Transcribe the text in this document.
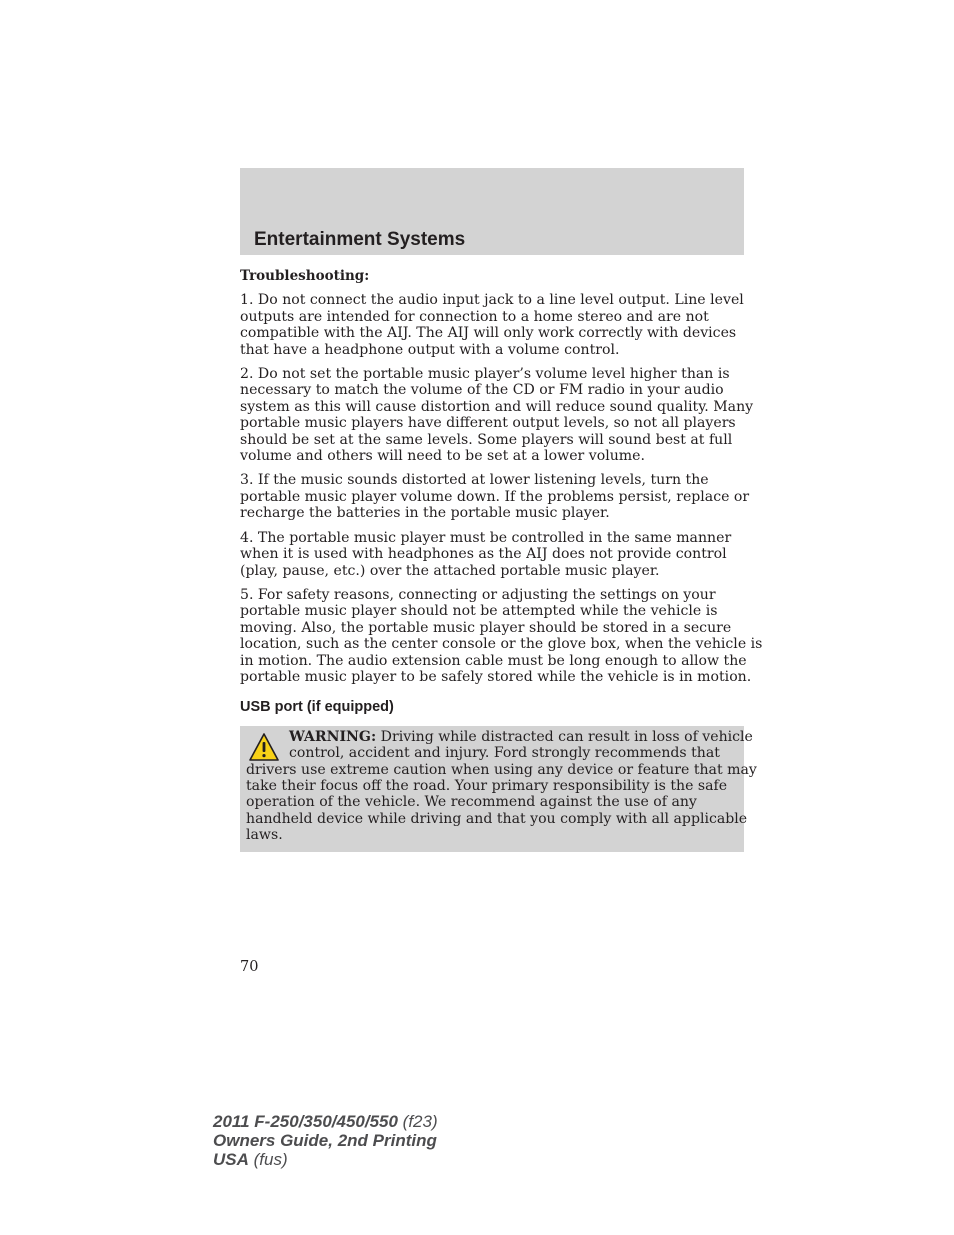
Entertainment Systems

Troubleshooting:

1. Do not connect the audio input jack to a line level output. Line level
outputs are intended for connection to a home stereo and are not
compatible with the AIJ. The AIJ will only work correctly with devices
that have a headphone output with a volume control.

2. Do not set the portable music player’s volume level higher than is
necessary to match the volume of the CD or FM radio in your audio
system as this will cause distortion and will reduce sound quality. Many
portable music players have different output levels, so not all players
should be set at the same levels. Some players will sound best at full
volume and others will need to be set at a lower volume.

3. If the music sounds distorted at lower listening levels, turn the
portable music player volume down. If the problems persist, replace or
recharge the batteries in the portable music player.

4. The portable music player must be controlled in the same manner
when it is used with headphones as the AIJ does not provide control
(play, pause, etc.) over the attached portable music player.

5. For safety reasons, connecting or adjusting the settings on your
portable music player should not be attempted while the vehicle is
moving. Also, the portable music player should be stored in a secure
location, such as the center console or the glove box, when the vehicle is
in motion. The audio extension cable must be long enough to allow the
portable music player to be safely stored while the vehicle is in motion.

USB port (if equipped)
WARNING: Driving while distracted can result in loss of vehicle
control, accident and injury. Ford strongly recommends that
drivers use extreme caution when using any device or feature that may
take their focus off the road. Your primary responsibility is the safe
operation of the vehicle. We recommend against the use of any
handheld device while driving and that you comply with all applicable
laws.
70
2011 F-250/350/450/550 (f23)
Owners Guide, 2nd Printing
USA (fus)
